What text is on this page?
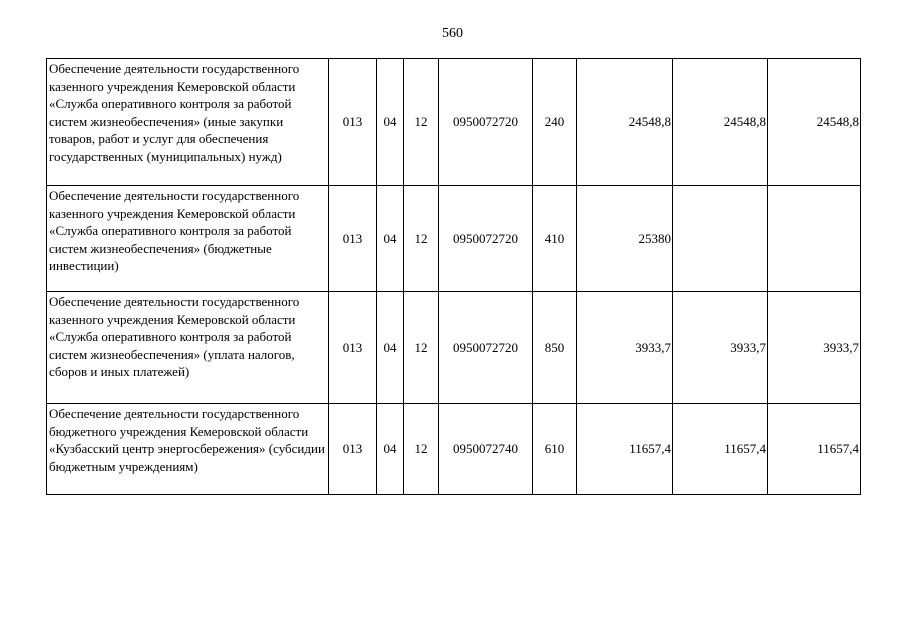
560
Обеспечение деятельности государственного казенного учреждения Кемеровской области «Служба оперативного контроля за работой систем жизнеобеспечения» (иные закупки товаров, работ и услуг для обеспечения государственных (муниципальных) нужд)	013	04	12	0950072720	240	24548,8	24548,8	24548,8
Обеспечение деятельности государственного казенного учреждения Кемеровской области «Служба оперативного контроля за работой систем жизнеобеспечения» (бюджетные инвестиции)	013	04	12	0950072720	410	25380		
Обеспечение деятельности государственного казенного учреждения Кемеровской области «Служба оперативного контроля за работой систем жизнеобеспечения» (уплата налогов, сборов и иных платежей)	013	04	12	0950072720	850	3933,7	3933,7	3933,7
Обеспечение деятельности государственного бюджетного учреждения Кемеровской области «Кузбасский центр энергосбережения» (субсидии бюджетным учреждениям)	013	04	12	0950072740	610	11657,4	11657,4	11657,4
